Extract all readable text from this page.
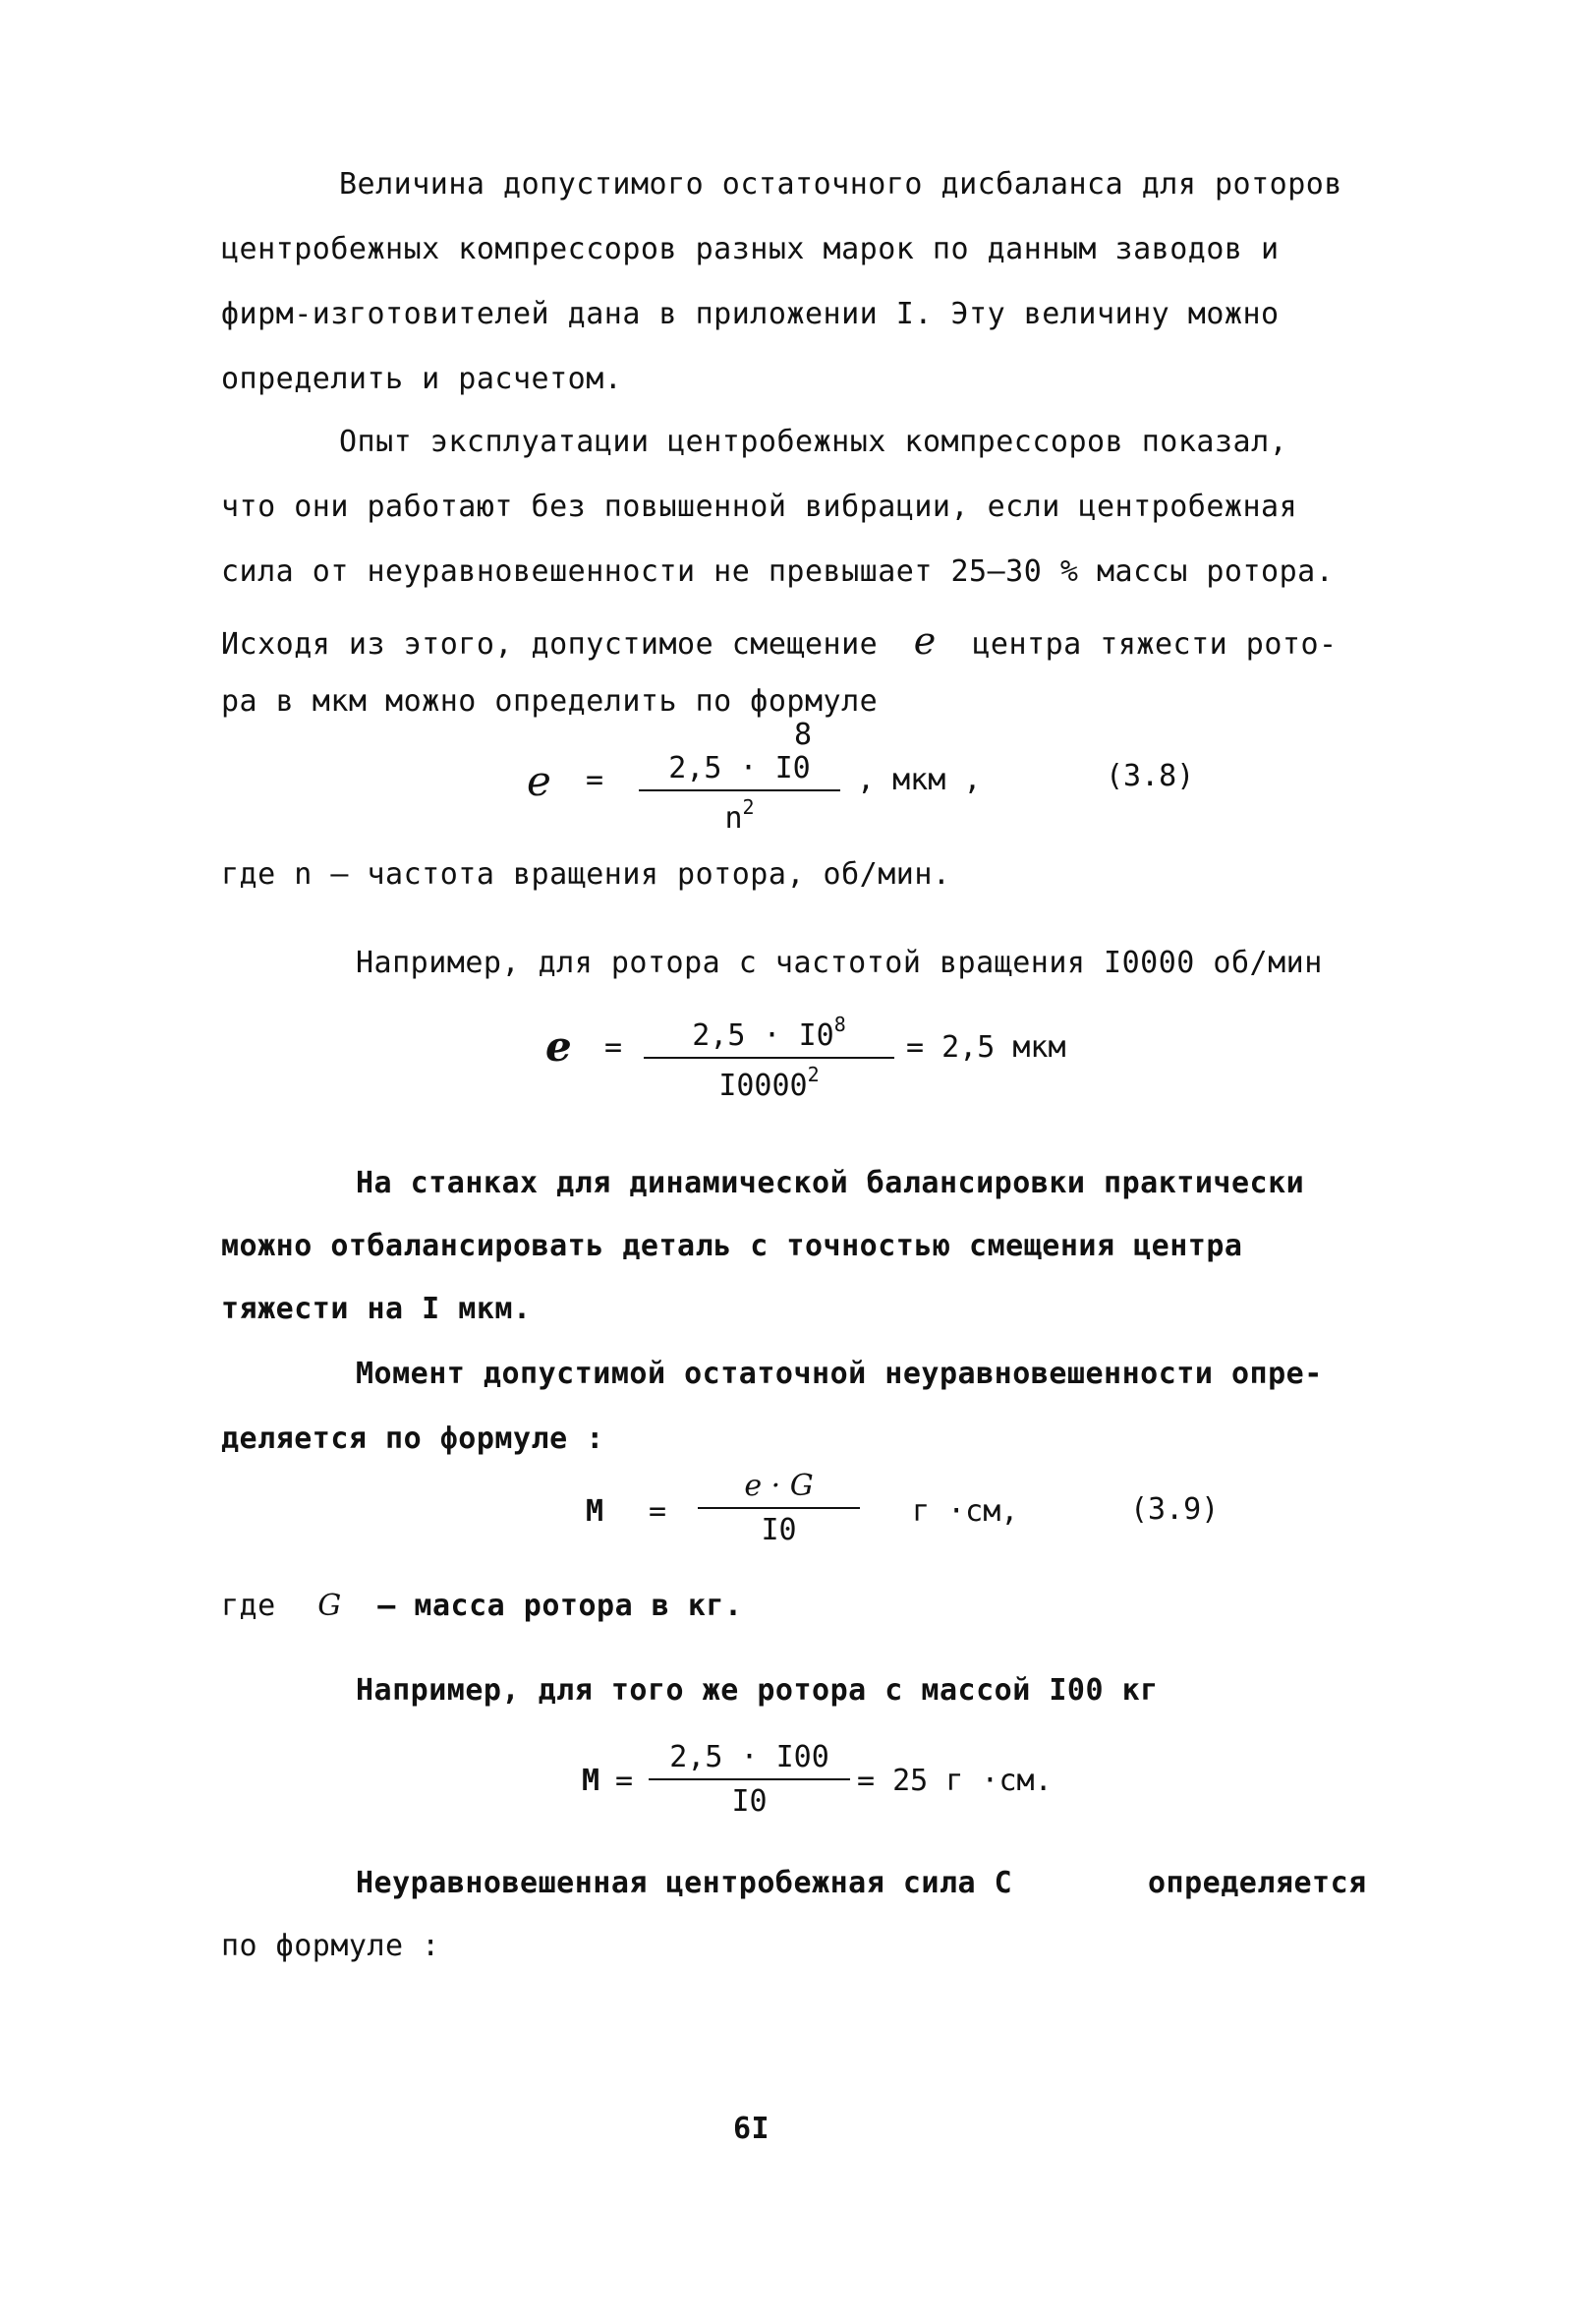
Величина допустимого остаточного дисбаланса для роторов
центробежных компрессоров разных марок по данным заводов и
фирм-изготовителей дана в приложении I. Эту величину можно
определить и расчетом.
Опыт эксплуатации центробежных компрессоров показал,
что они работают без повышенной вибрации, если центробежная
сила от неуравновешенности не превышает 25–30 % массы ротора.
Исходя из этого, допустимое смещение e центра тяжести рото-
ра в мкм можно определить по формуле
e =
8
2,5 · I0
$n^2$
, мкм ,	(3.8)
где n – частота вращения ротора, об/мин.
Например, для ротора с частотой вращения I0000 об/мин
e =	$2,5 \cdot I0^8$
$I0000^2$
= 2,5 мкм
На станках для динамической балансировки практически
можно отбалансировать деталь с точностью смещения центра
тяжести на I мкм.
Момент допустимой остаточной неуравновешенности опре-
деляется по формуле :
М =
e · G
I0
г ·см,	(3.9)
где G – масса ротора в кг.
Например, для того же ротора с массой I00 кг
М =
2,5 · I00
I0
= 25 г ·см.
Неуравновешенная центробежная сила С	определяется
по формуле :
6I
